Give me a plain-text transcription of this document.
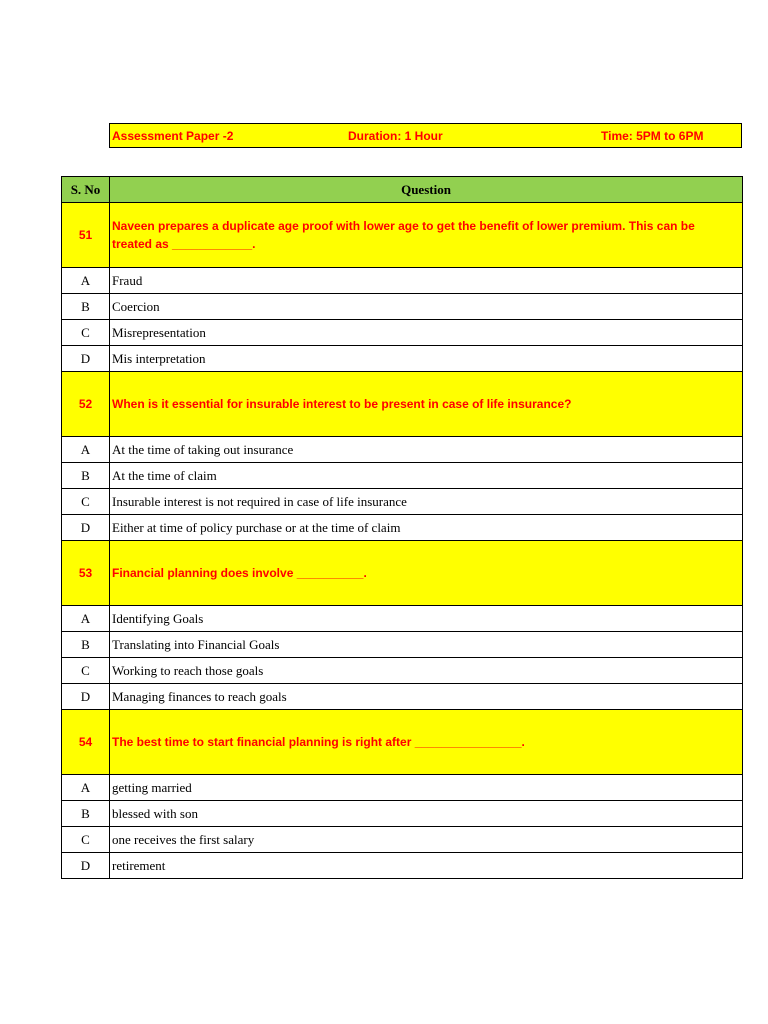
Assessment Paper -2	Duration: 1 Hour	Time: 5PM to 6PM
S. No	Question
51	Naveen prepares a duplicate age proof with lower age to get the benefit of lower premium. This can be treated as ____________.
A	Fraud
B	Coercion
C	Misrepresentation
D	Mis interpretation
52	When is it essential for insurable interest to be present in case of life insurance?
A	At the time of taking out insurance
B	At the time of claim
C	Insurable interest is not required in case of life insurance
D	Either at time of policy purchase or at the time of claim
53	Financial planning does involve __________.
A	Identifying Goals
B	Translating into Financial Goals
C	Working to reach those goals
D	Managing finances to reach goals
54	The best time to start financial planning is right after ________________.
A	getting married
B	blessed with son
C	one receives the first salary
D	retirement
